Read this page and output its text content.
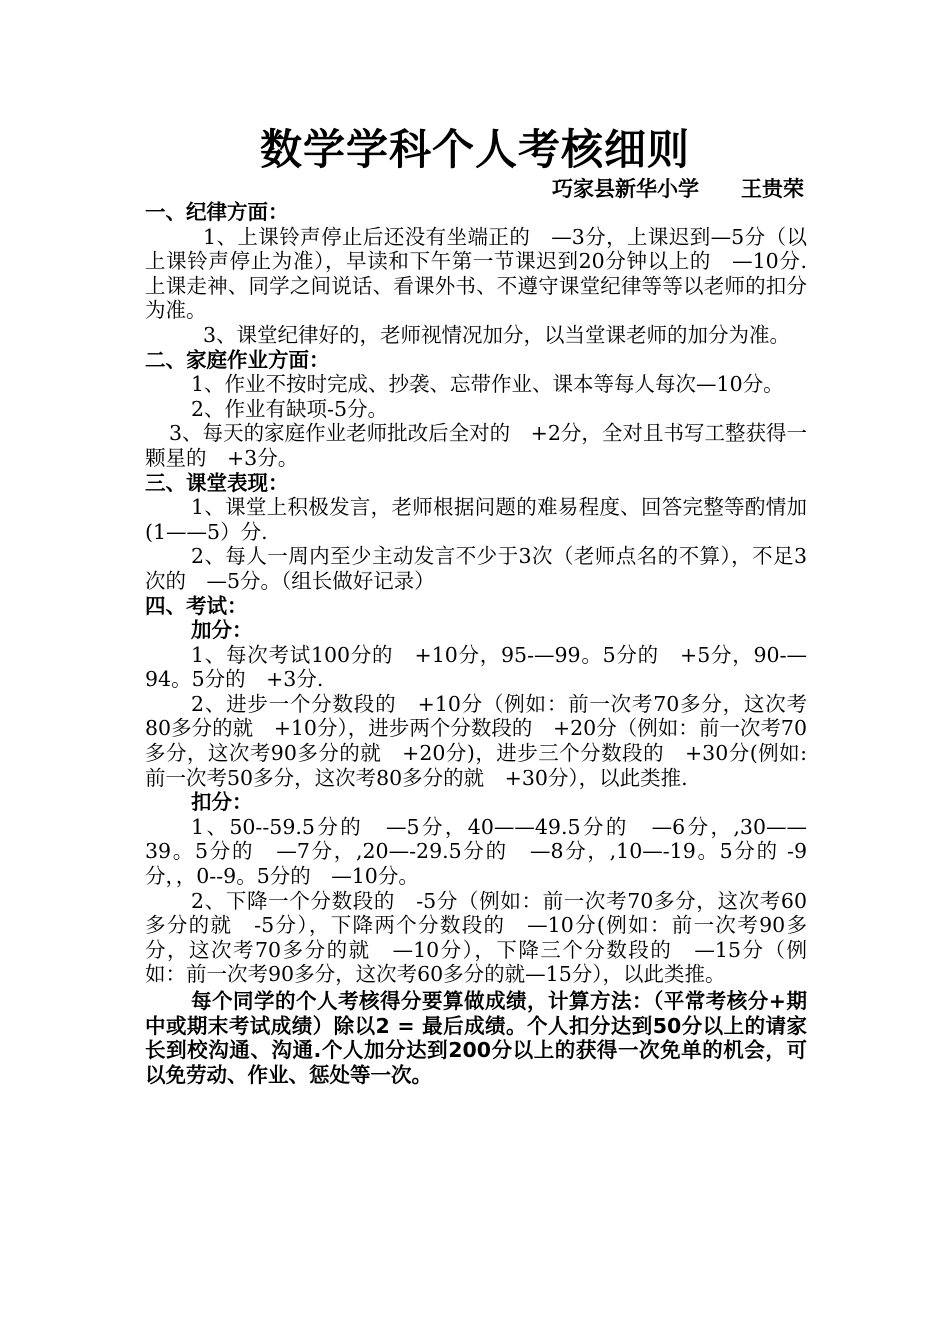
数学学科个人考核细则
巧家县新华小学　　王贵荣

一、纪律方面：

1、上课铃声停止后还没有坐端正的　—3分，上课迟到—5分（以上课铃声停止为准），早读和下午第一节课迟到20分钟以上的　—10分.上课走神、同学之间说话、看课外书、不遵守课堂纪律等等以老师的扣分为准。

3、课堂纪律好的，老师视情况加分，以当堂课老师的加分为准。

二、家庭作业方面：

1、作业不按时完成、抄袭、忘带作业、课本等每人每次—10分。

2、作业有缺项-5分。

3、每天的家庭作业老师批改后全对的　+2分，全对且书写工整获得一颗星的　+3分。

三、课堂表现：

1、课堂上积极发言，老师根据问题的难易程度、回答完整等酌情加(1——5）分.

2、每人一周内至少主动发言不少于3次（老师点名的不算），不足3次的　—5分。（组长做好记录）

四、考试：

加分：

1、每次考试100分的　+10分，95-—99。5分的　+5分，90-—94。5分的　+3分.

2、进步一个分数段的　+10分（例如：前一次考70多分，这次考80多分的就　+10分），进步两个分数段的　+20分（例如：前一次考70多分，这次考90多分的就　+20分)，进步三个分数段的　+30分(例如:前一次考50多分，这次考80多分的就　+30分），以此类推.

扣分：

1、50--59.5分的　—5分，40——49.5分的　—6分，,30——39。5分的　—7分，,20—-29.5分的　—8分，,10—-19。5分的 -9分，，0--9。5分的　—10分。

2、下降一个分数段的　-5分（例如：前一次考70多分，这次考60多分的就　-5分），下降两个分数段的　—10分(例如：前一次考90多分，这次考70多分的就　—10分），下降三个分数段的　—15分（例如：前一次考90多分，这次考60多分的就—15分），以此类推。

每个同学的个人考核得分要算做成绩，计算方法：（平常考核分+期中或期末考试成绩）除以2 = 最后成绩。个人扣分达到50分以上的请家长到校沟通、沟通.个人加分达到200分以上的获得一次免单的机会，可以免劳动、作业、惩处等一次。
